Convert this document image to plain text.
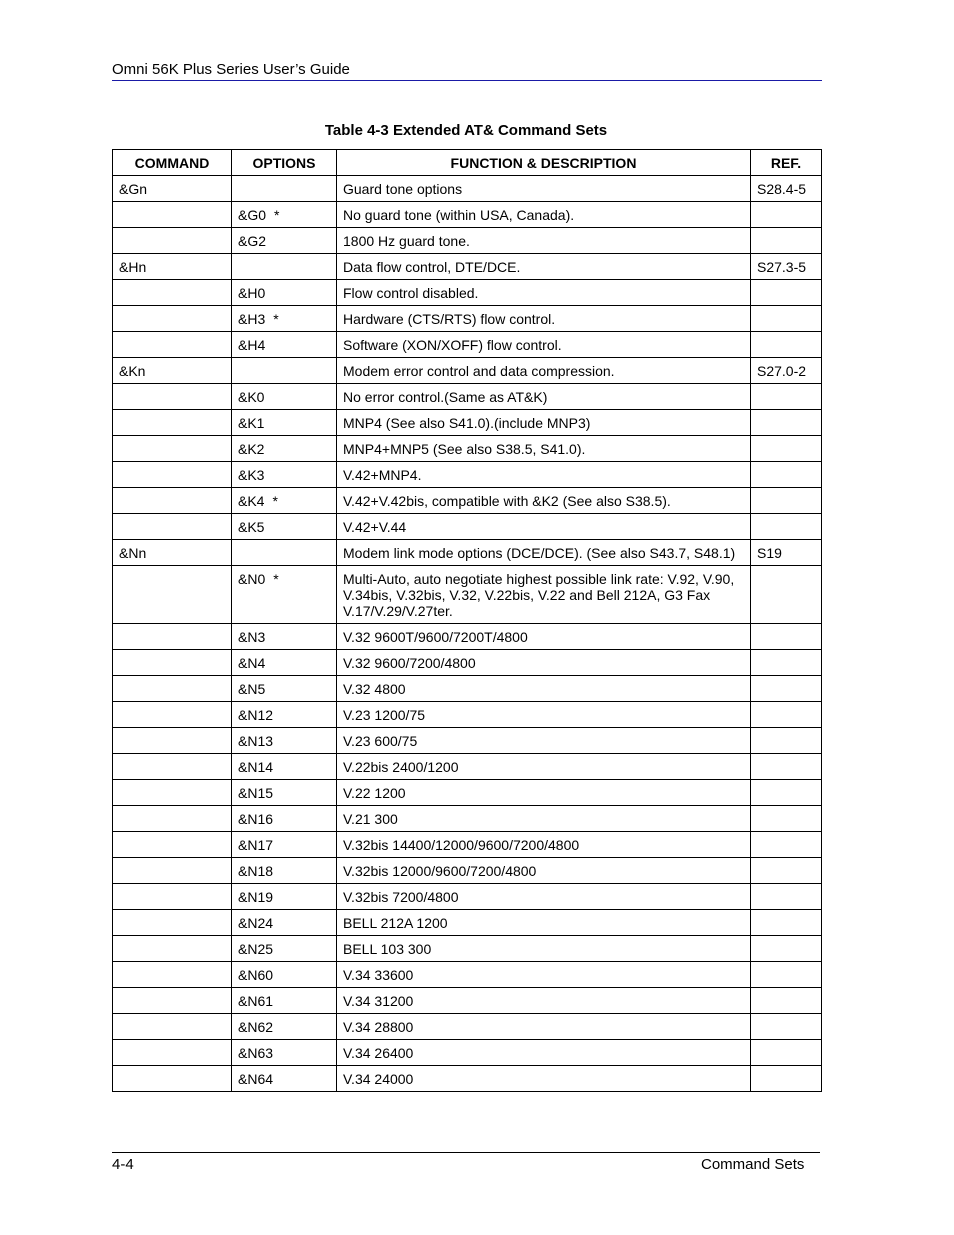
Omni 56K Plus Series User’s Guide
Table 4-3 Extended AT& Command Sets
COMMAND	OPTIONS	FUNCTION & DESCRIPTION	REF.
&Gn		Guard tone options	S28.4-5
	&G0 *	No guard tone (within USA, Canada).	
	&G2	1800 Hz guard tone.	
&Hn		Data flow control, DTE/DCE.	S27.3-5
	&H0	Flow control disabled.	
	&H3 *	Hardware (CTS/RTS) flow control.	
	&H4	Software (XON/XOFF) flow control.	
&Kn		Modem error control and data compression.	S27.0-2
	&K0	No error control.(Same as AT&K)	
	&K1	MNP4 (See also S41.0).(include MNP3)	
	&K2	MNP4+MNP5 (See also S38.5, S41.0).	
	&K3	V.42+MNP4.	
	&K4 *	V.42+V.42bis, compatible with &K2 (See also S38.5).	
	&K5	V.42+V.44	
&Nn		Modem link mode options (DCE/DCE). (See also S43.7, S48.1)	S19
	&N0 *	Multi-Auto, auto negotiate highest possible link rate: V.92, V.90, V.34bis, V.32bis, V.32, V.22bis, V.22 and Bell 212A, G3 Fax V.17/V.29/V.27ter.	
	&N3	V.32 9600T/9600/7200T/4800	
	&N4	V.32 9600/7200/4800	
	&N5	V.32 4800	
	&N12	V.23 1200/75	
	&N13	V.23 600/75	
	&N14	V.22bis 2400/1200	
	&N15	V.22 1200	
	&N16	V.21 300	
	&N17	V.32bis 14400/12000/9600/7200/4800	
	&N18	V.32bis 12000/9600/7200/4800	
	&N19	V.32bis 7200/4800	
	&N24	BELL 212A 1200	
	&N25	BELL 103 300	
	&N60	V.34 33600	
	&N61	V.34 31200	
	&N62	V.34 28800	
	&N63	V.34 26400	
	&N64	V.34 24000	
4-4	Command Sets
